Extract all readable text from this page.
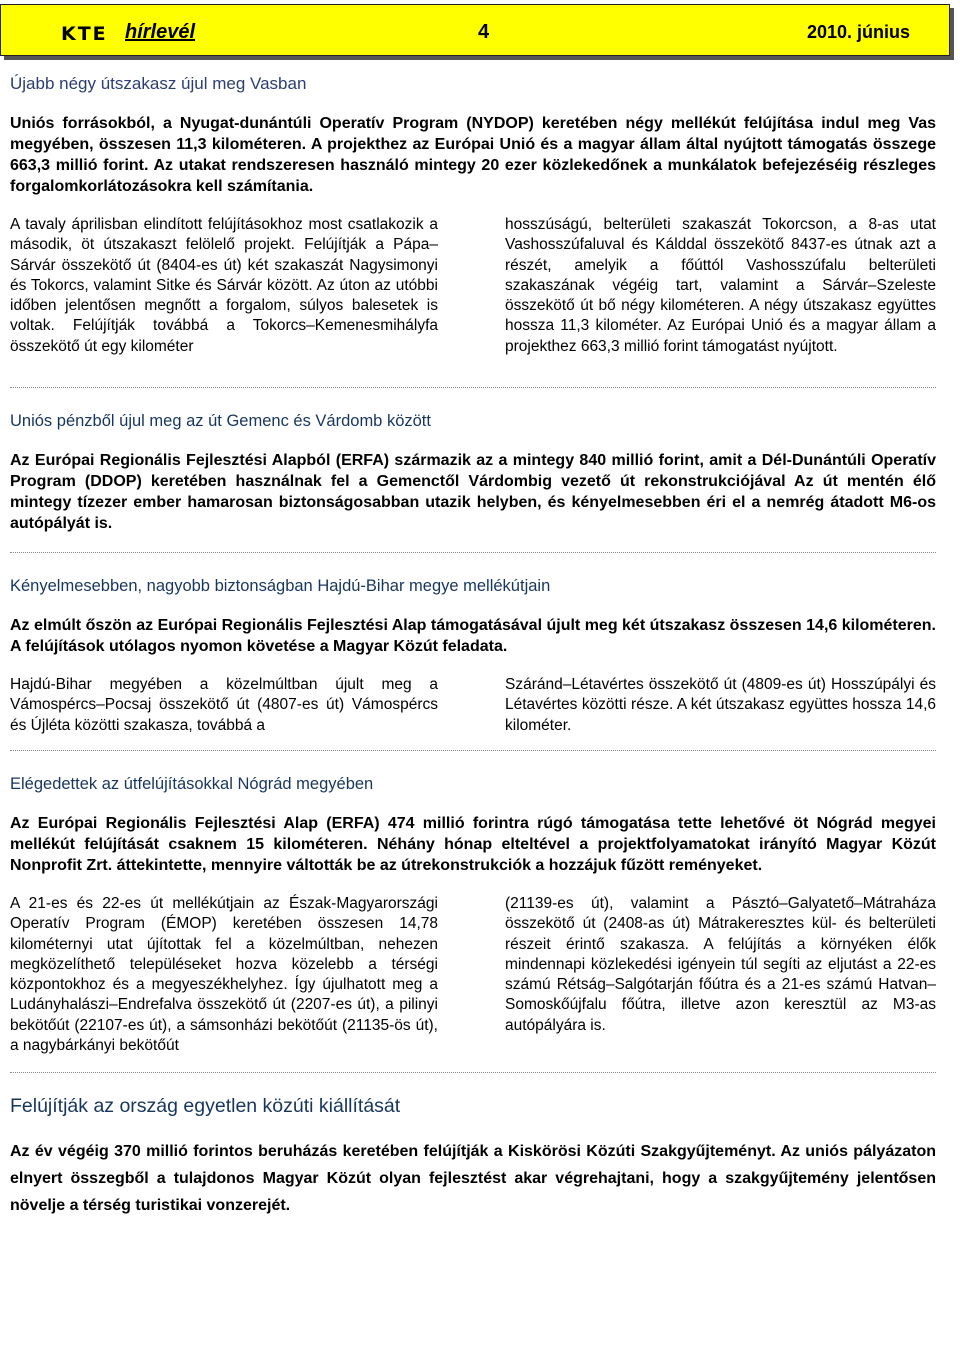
KTE hírlevél	4	2010. június
Újabb négy útszakasz újul meg Vasban

Uniós forrásokból, a Nyugat-dunántúli Operatív Program (NYDOP) keretében négy mellékút felújítása indul meg Vas megyében, összesen 11,3 kilométeren. A projekthez az Európai Unió és a magyar állam által nyújtott támogatás összege 663,3 millió forint. Az utakat rendszeresen használó mintegy 20 ezer közlekedőnek a munkálatok befejezéséig részleges forgalomkorlátozásokra kell számítania.

A tavaly áprilisban elindított felújításokhoz most csatlakozik a második, öt útszakaszt felölelő projekt. Felújítják a Pápa–Sárvár összekötő út (8404-es út) két szakaszát Nagysimonyi és Tokorcs, valamint Sitke és Sárvár között. Az úton az utóbbi időben jelentősen megnőtt a forgalom, súlyos balesetek is voltak. Felújítják továbbá a Tokorcs–Kemenesmihályfa összekötő út egy kilométer
hosszúságú, belterületi szakaszát Tokorcson, a 8-as utat Vashosszúfaluval és Kálddal összekötő 8437-es útnak azt a részét, amelyik a főúttól Vashosszúfalu belterületi szakaszának végéig tart, valamint a Sárvár–Szeleste összekötő út bő négy kilométeren. A négy útszakasz együttes hossza 11,3 kilométer. Az Európai Unió és a magyar állam a projekthez 663,3 millió forint támogatást nyújtott.
Uniós pénzből újul meg az út Gemenc és Várdomb között

Az Európai Regionális Fejlesztési Alapból (ERFA) származik az a mintegy 840 millió forint, amit a Dél-Dunántúli Operatív Program (DDOP) keretében használnak fel a Gemenctől Várdombig vezető út rekonstrukciójával Az út mentén élő mintegy tízezer ember hamarosan biztonságosabban utazik helyben, és kényelmesebben éri el a nemrég átadott M6-os autópályát is.

Kényelmesebben, nagyobb biztonságban Hajdú-Bihar megye mellékútjain

Az elmúlt őszön az Európai Regionális Fejlesztési Alap támogatásával újult meg két útszakasz összesen 14,6 kilométeren. A felújítások utólagos nyomon követése a Magyar Közút feladata.

Hajdú-Bihar megyében a közelmúltban újult meg a Vámospércs–Pocsaj összekötő út (4807-es út) Vámospércs és Újléta közötti szakasza, továbbá a
Száránd–Létavértes összekötő út (4809-es út) Hosszúpályi és Létavértes közötti része. A két útszakasz együttes hossza 14,6 kilométer.
Elégedettek az útfelújításokkal Nógrád megyében

Az Európai Regionális Fejlesztési Alap (ERFA) 474 millió forintra rúgó támogatása tette lehetővé öt Nógrád megyei mellékút felújítását csaknem 15 kilométeren. Néhány hónap elteltével a projektfolyamatokat irányító Magyar Közút Nonprofit Zrt. áttekintette, mennyire váltották be az útrekonstrukciók a hozzájuk fűzött reményeket.

A 21-es és 22-es út mellékútjain az Észak-Magyarországi Operatív Program (ÉMOP) keretében összesen 14,78 kilométernyi utat újítottak fel a közelmúltban, nehezen megközelíthető településeket hozva közelebb a térségi központokhoz és a megyeszékhelyhez. Így újulhatott meg a Ludányhalászi–Endrefalva összekötő út (2207-es út), a pilinyi bekötőút (22107-es út), a sámsonházi bekötőút (21135-ös út), a nagybárkányi bekötőút
(21139-es út), valamint a Pásztó–Galyatető–Mátraháza összekötő út (2408-as út) Mátrakeresztes kül- és belterületi részeit érintő szakasza. A felújítás a környéken élők mindennapi közlekedési igényein túl segíti az eljutást a 22-es számú Rétság–Salgótarján főútra és a 21-es számú Hatvan–Somoskőújfalu főútra, illetve azon keresztül az M3-as autópályára is.
Felújítják az ország egyetlen közúti kiállítását

Az év végéig 370 millió forintos beruházás keretében felújítják a Kiskörösi Közúti Szakgyűjteményt. Az uniós pályázaton elnyert összegből a tulajdonos Magyar Közút olyan fejlesztést akar végrehajtani, hogy a szakgyűjtemény jelentősen növelje a térség turistikai vonzerejét.
